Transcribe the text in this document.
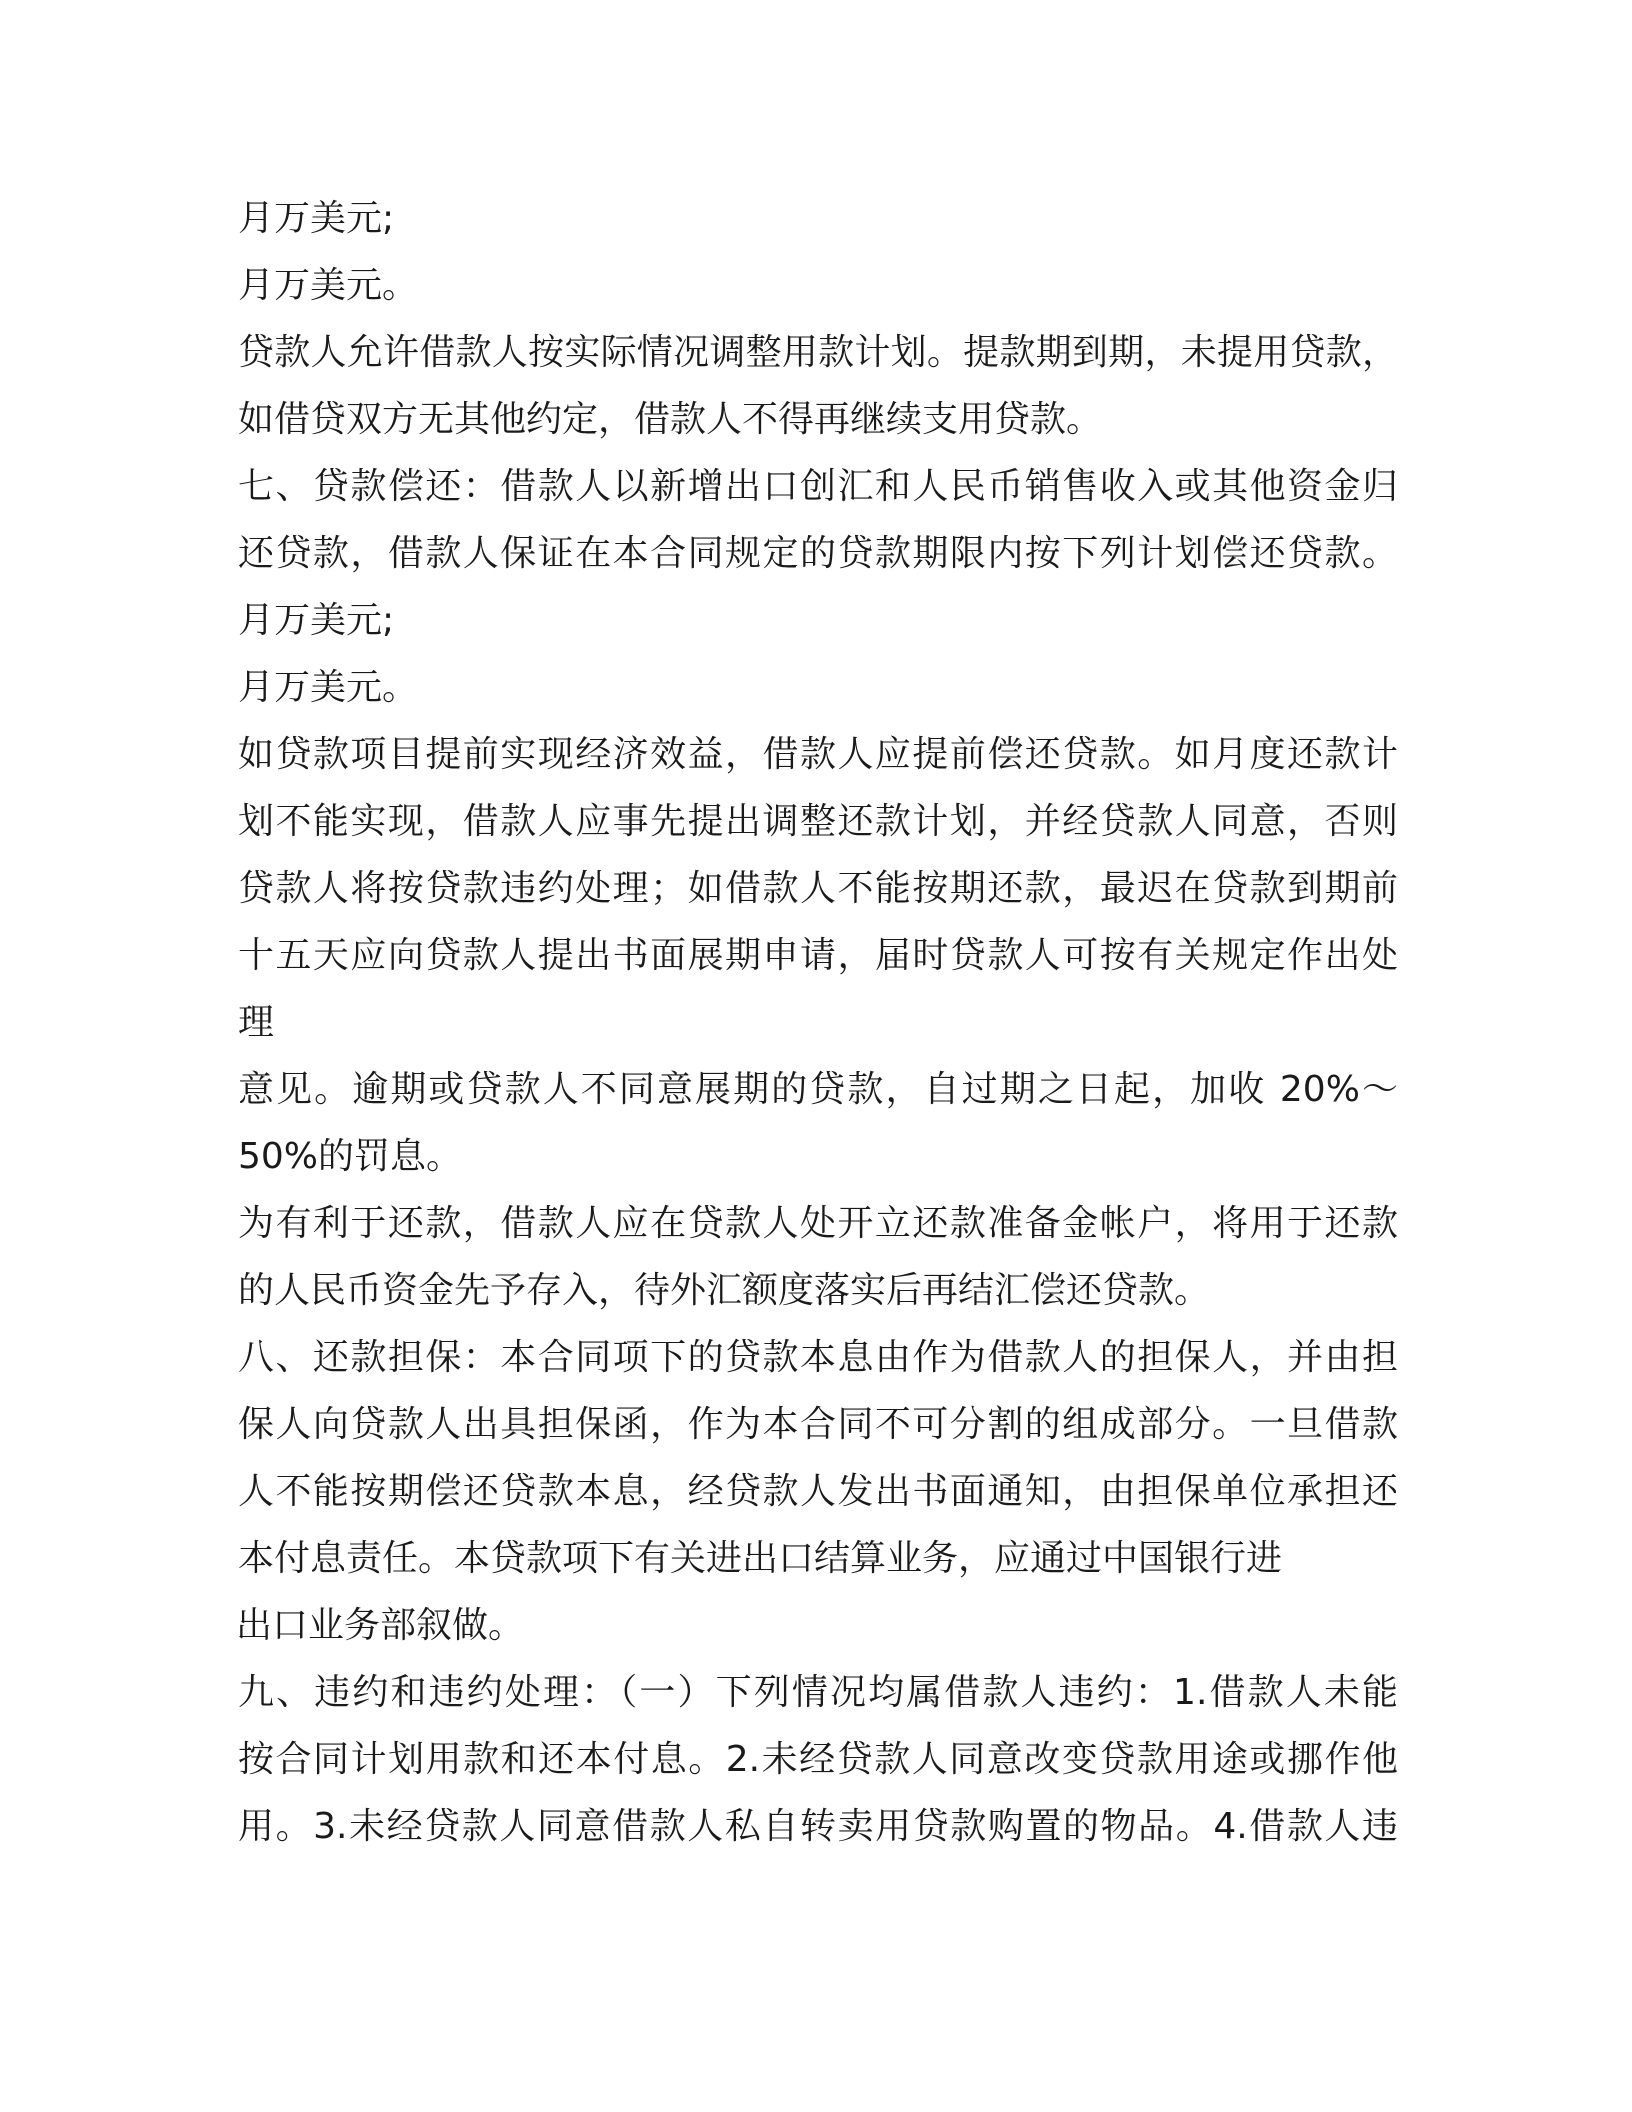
月万美元;
月万美元。
贷款人允许借款人按实际情况调整用款计划。提款期到期，未提用贷款，
如借贷双方无其他约定，借款人不得再继续支用贷款。
七、贷款偿还：借款人以新增出口创汇和人民币销售收入或其他资金归
还贷款，借款人保证在本合同规定的贷款期限内按下列计划偿还贷款。
月万美元;
月万美元。
如贷款项目提前实现经济效益，借款人应提前偿还贷款。如月度还款计
划不能实现，借款人应事先提出调整还款计划，并经贷款人同意，否则
贷款人将按贷款违约处理；如借款人不能按期还款，最迟在贷款到期前
十五天应向贷款人提出书面展期申请，届时贷款人可按有关规定作出处
理
意见。逾期或贷款人不同意展期的贷款，自过期之日起，加收 20%～
50%的罚息。
为有利于还款，借款人应在贷款人处开立还款准备金帐户，将用于还款
的人民币资金先予存入，待外汇额度落实后再结汇偿还贷款。
八、还款担保：本合同项下的贷款本息由作为借款人的担保人，并由担
保人向贷款人出具担保函，作为本合同不可分割的组成部分。一旦借款
人不能按期偿还贷款本息，经贷款人发出书面通知，由担保单位承担还
本付息责任。本贷款项下有关进出口结算业务，应通过中国银行进
出口业务部叙做。
九、违约和违约处理：（一）下列情况均属借款人违约：1.借款人未能
按合同计划用款和还本付息。2.未经贷款人同意改变贷款用途或挪作他
用。3.未经贷款人同意借款人私自转卖用贷款购置的物品。4.借款人违
